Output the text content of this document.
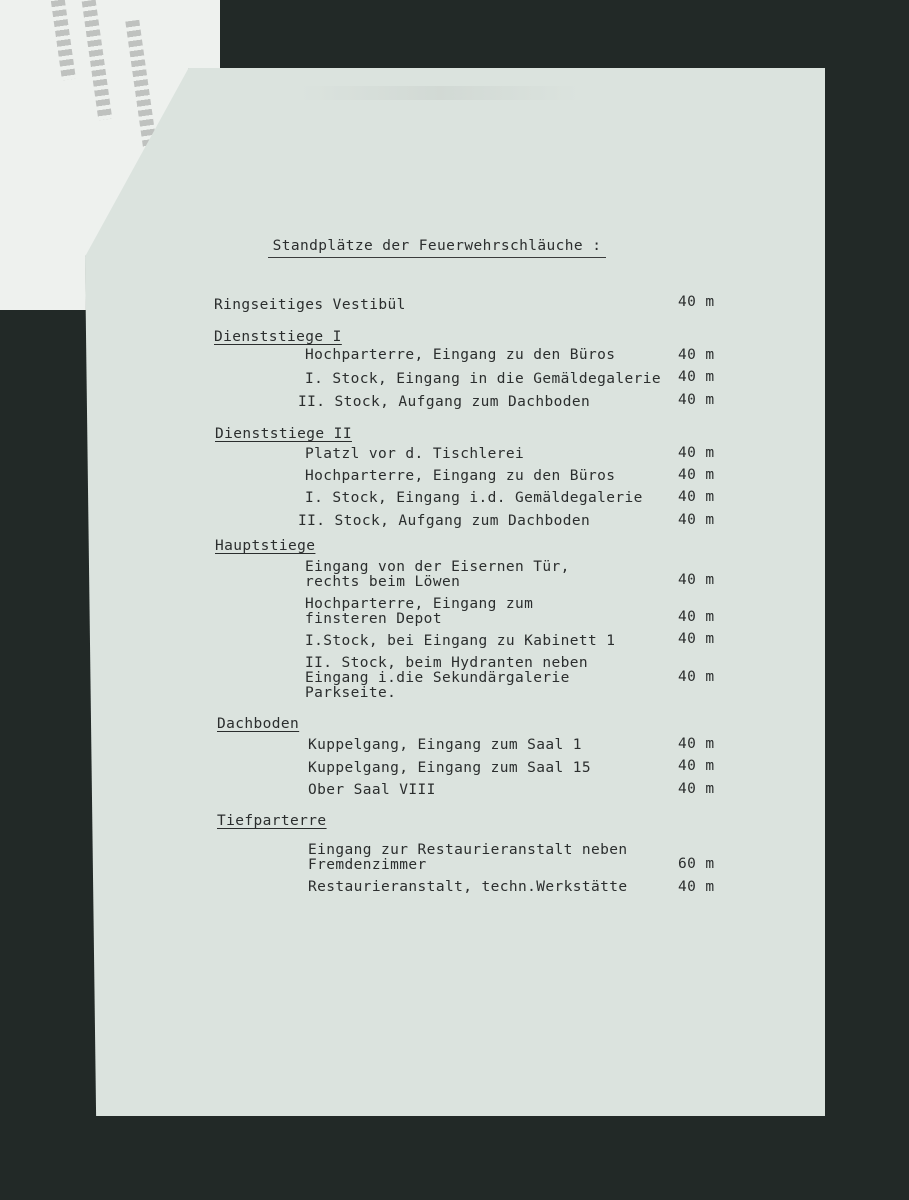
Standplätze der Feuerwehrschläuche :
Ringseitiges Vestibül	40 m
Dienststiege I
Hochparterre, Eingang zu den Büros	40 m
I. Stock, Eingang in die Gemäldegalerie 40 m
II. Stock, Aufgang zum Dachboden	40 m
Dienststiege II
Platzl vor d. Tischlerei	40 m
Hochparterre, Eingang zu den Büros	40 m
I. Stock, Eingang i.d. Gemäldegalerie 40 m
II. Stock, Aufgang zum Dachboden	40 m
Hauptstiege
Eingang von der Eisernen Tür,
rechts beim Löwen	40 m
Hochparterre, Eingang zum
finsteren Depot	40 m
I.Stock, bei Eingang zu Kabinett 1	40 m
II. Stock, beim Hydranten neben
Eingang i.die Sekundärgalerie
Parkseite.
40 m
Dachboden
Kuppelgang, Eingang zum Saal 1	40 m
Kuppelgang, Eingang zum Saal 15	40 m
Ober Saal VIII	40 m
Tiefparterre
Eingang zur Restaurieranstalt neben
Fremdenzimmer	60 m
Restaurieranstalt, techn.Werkstätte	40 m
